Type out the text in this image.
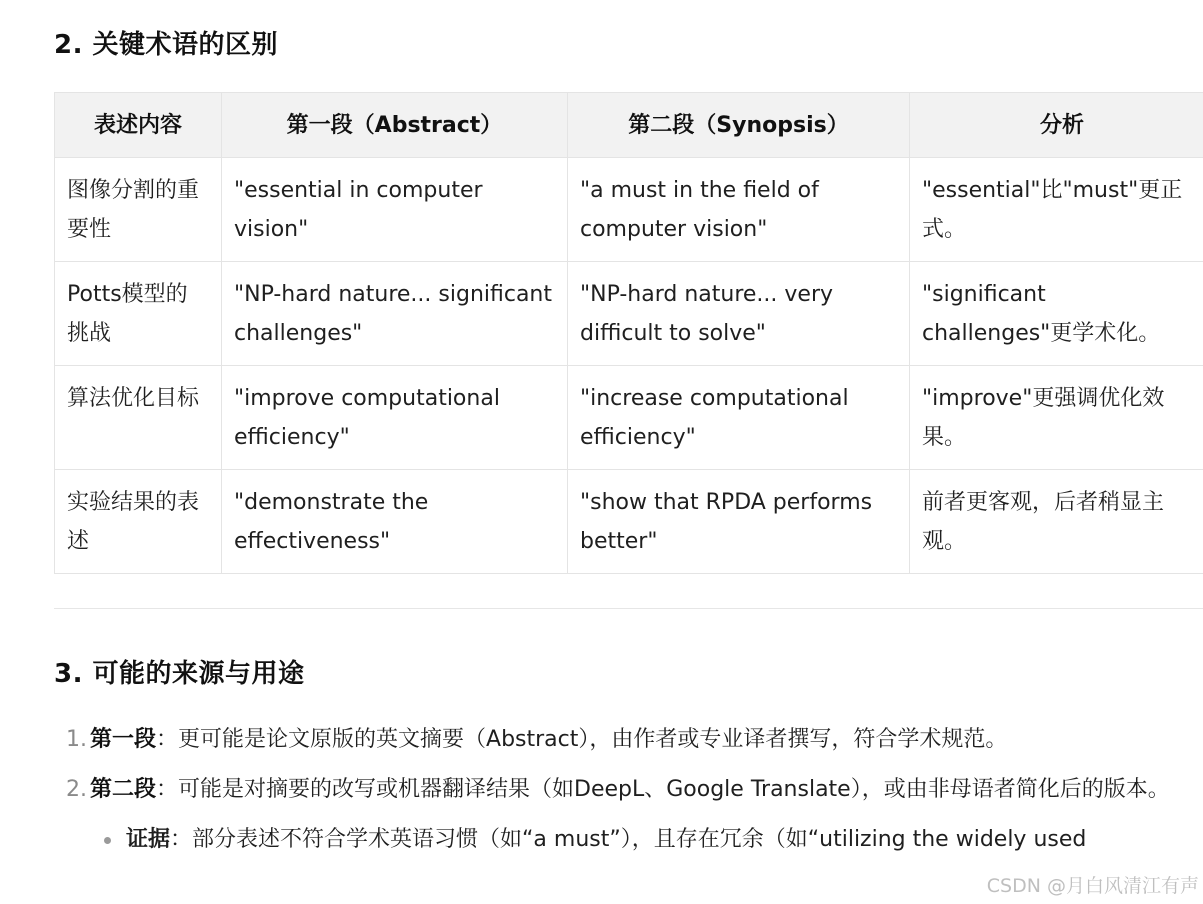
2. 关键术语的区别
表述内容	第一段（Abstract）	第二段（Synopsis）	分析

图像分割的重要性	"essential in computer vision"	"a must in the field of computer vision"	"essential"比"must"更正式。

Potts模型的挑战	"NP-hard nature... significant challenges"	"NP-hard nature... very difficult to solve"	"significant challenges"更学术化。

算法优化目标	"improve computational efficiency"	"increase computational efficiency"	"improve"更强调优化效果。

实验结果的表述	"demonstrate the effectiveness"	"show that RPDA performs better"	前者更客观，后者稍显主观。
3. 可能的来源与用途
1. 第一段：更可能是论文原版的英文摘要（Abstract），由作者或专业译者撰写，符合学术规范。
2. 第二段：可能是对摘要的改写或机器翻译结果（如DeepL、Google Translate），或由非母语者简化后的版本。
证据：部分表述不符合学术英语习惯（如“a must”），且存在冗余（如“utilizing the widely used
CSDN @月白风清江有声
